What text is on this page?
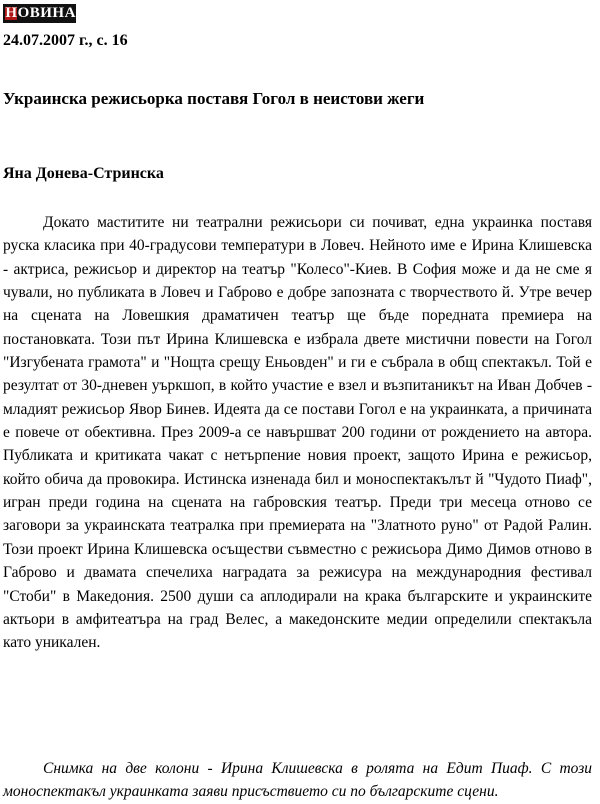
НОВИНАР
24.07.2007 г., с. 16
Украинска режисьорка поставя Гогол в неистови жеги
Яна Донева-Стринска

Докато маститите ни театрални режисьори си почиват, една украинка поставя руска класика при 40-градусови температури в Ловеч. Нейното име е Ирина Клишевска - актриса, режисьор и директор на театър "Колесо"-Киев. В София може и да не сме я чували, но публиката в Ловеч и Габрово е добре запозната с творчеството й. Утре вечер на сцената на Ловешкия драматичен театър ще бъде поредната премиера на постановката. Този път Ирина Клишевска е избрала двете мистични повести на Гогол "Изгубената грамота" и "Нощта срещу Еньовден" и ги е събрала в общ спектакъл. Той е резултат от 30-дневен уъркшоп, в който участие е взел и възпитаникът на Иван Добчев - младият режисьор Явор Бинев. Идеята да се постави Гогол е на украинката, а причината е повече от обективна. През 2009-а се навършват 200 години от рождението на автора. Публиката и критиката чакат с нетърпение новия проект, защото Ирина е режисьор, който обича да провокира. Истинска изненада бил и моноспектакълът й "Чудото Пиаф", игран преди година на сцената на габровския театър. Преди три месеца отново се заговори за украинската театралка при премиерата на "Златното руно" от Радой Ралин. Този проект Ирина Клишевска осъществи съвместно с режисьора Димо Димов отново в Габрово и двамата спечелиха наградата за режисура на международния фестивал "Стоби" в Македония. 2500 души са аплодирали на крака българските и украинските актьори в амфитеатъра на град Велес, а македонските медии определили спектакъла като уникален.

Снимка на две колони - Ирина Клишевска в ролята на Едит Пиаф. С този моноспектакъл украинката заяви присъствието си по българските сцени.
